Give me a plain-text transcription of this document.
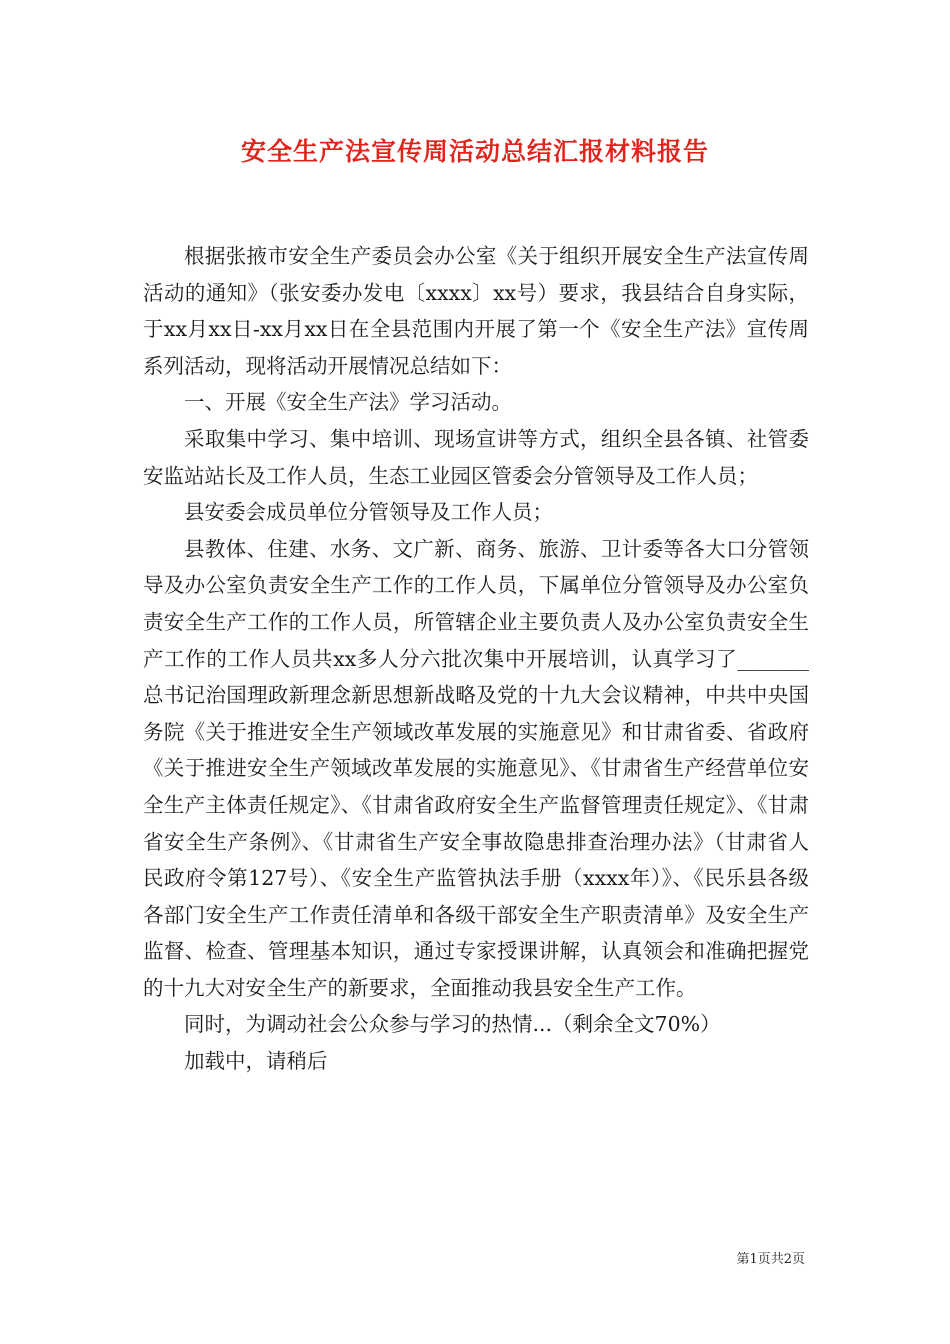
安全生产法宣传周活动总结汇报材料报告

根据张掖市安全生产委员会办公室《关于组织开展安全生产法宣传周活动的通知》（张安委办发电〔xxxx〕xx号）要求，我县结合自身实际，于xx月xx日-xx月xx日在全县范围内开展了第一个《安全生产法》宣传周系列活动，现将活动开展情况总结如下：

一、开展《安全生产法》学习活动。

采取集中学习、集中培训、现场宣讲等方式，组织全县各镇、社管委安监站站长及工作人员，生态工业园区管委会分管领导及工作人员；

县安委会成员单位分管领导及工作人员；

县教体、住建、水务、文广新、商务、旅游、卫计委等各大口分管领导及办公室负责安全生产工作的工作人员，下属单位分管领导及办公室负责安全生产工作的工作人员，所管辖企业主要负责人及办公室负责安全生产工作的工作人员共xx多人分六批次集中开展培训，认真学习了_______总书记治国理政新理念新思想新战略及党的十九大会议精神，中共中央国务院《关于推进安全生产领域改革发展的实施意见》和甘肃省委、省政府《关于推进安全生产领域改革发展的实施意见》、《甘肃省生产经营单位安全生产主体责任规定》、《甘肃省政府安全生产监督管理责任规定》、《甘肃省安全生产条例》、《甘肃省生产安全事故隐患排查治理办法》（甘肃省人民政府令第127号）、《安全生产监管执法手册（xxxx年）》、《民乐县各级各部门安全生产工作责任清单和各级干部安全生产职责清单》及安全生产监督、检查、管理基本知识，通过专家授课讲解，认真领会和准确把握党的十九大对安全生产的新要求，全面推动我县安全生产工作。

同时，为调动社会公众参与学习的热情...（剩余全文70%）

加载中，请稍后

第1页共2页
